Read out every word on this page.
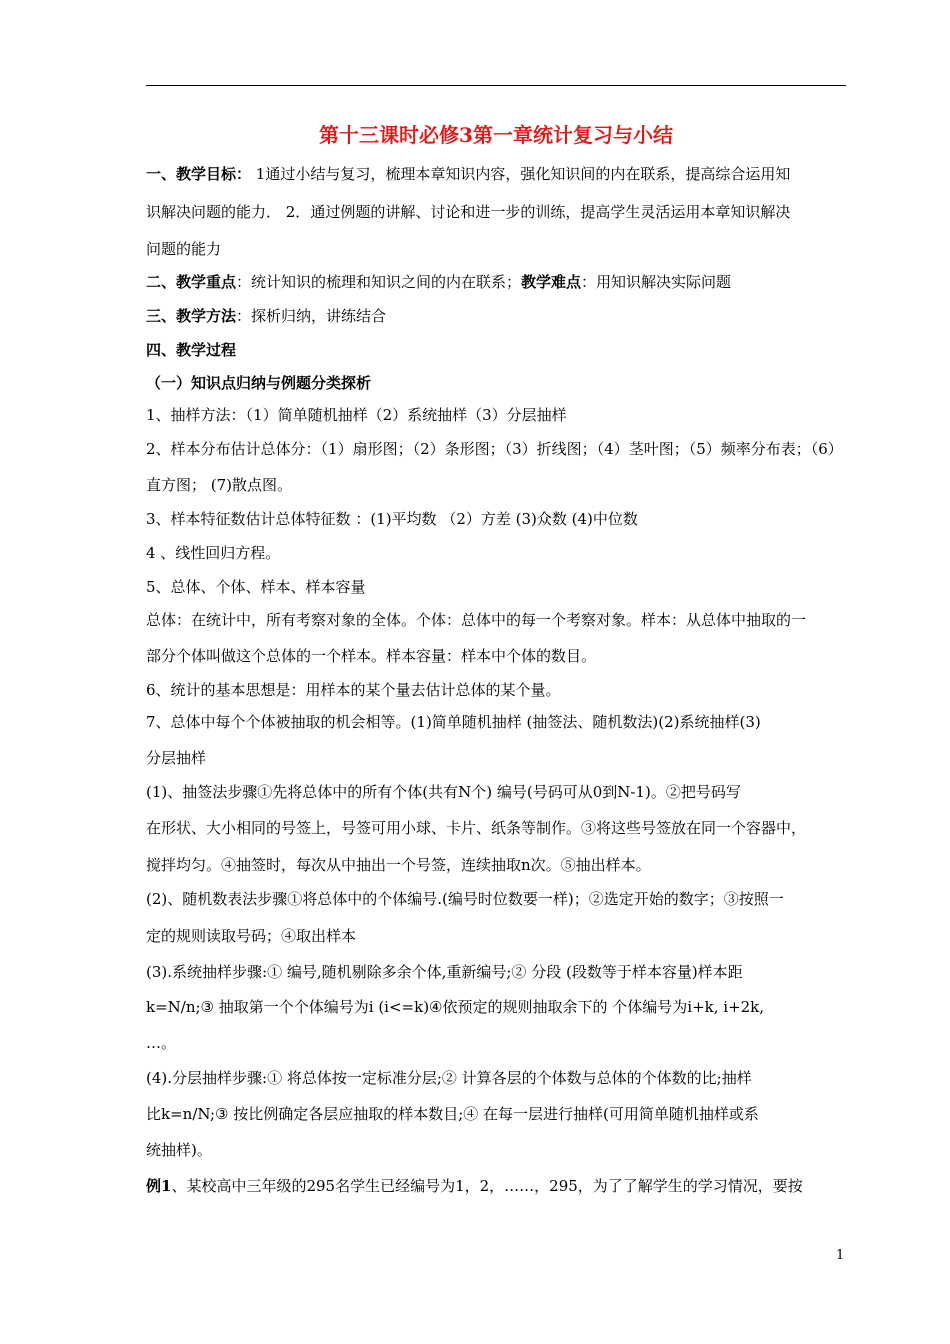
第十三课时必修3第一章统计复习与小结
一、教学目标： 1通过小结与复习，梳理本章知识内容，强化知识间的内在联系，提高综合运用知
识解决问题的能力． 2．通过例题的讲解、讨论和进一步的训练，提高学生灵活运用本章知识解决
问题的能力
二、教学重点：统计知识的梳理和知识之间的内在联系；教学难点：用知识解决实际问题
三、教学方法：探析归纳，讲练结合
四、教学过程
（一）知识点归纳与例题分类探析
1、抽样方法：（1）简单随机抽样（2）系统抽样（3）分层抽样
2、样本分布估计总体分：（1）扇形图；（2）条形图；（3）折线图；（4）茎叶图；（5）频率分布表；（6）
直方图； (7)散点图。
3、样本特征数估计总体特征数 ：(1)平均数 （2）方差 (3)众数 (4)中位数
4 、线性回归方程。
5、总体、个体、样本、样本容量
总体：在统计中，所有考察对象的全体。个体：总体中的每一个考察对象。样本：从总体中抽取的一
部分个体叫做这个总体的一个样本。样本容量：样本中个体的数目。
6、统计的基本思想是：用样本的某个量去估计总体的某个量。
7、总体中每个个体被抽取的机会相等。(1)简单随机抽样 (抽签法、随机数法)(2)系统抽样(3)
分层抽样
(1)、抽签法步骤①先将总体中的所有个体(共有N个) 编号(号码可从0到N-1)。②把号码写
在形状、大小相同的号签上，号签可用小球、卡片、纸条等制作。③将这些号签放在同一个容器中，
搅拌均匀。④抽签时，每次从中抽出一个号签，连续抽取n次。⑤抽出样本。
(2)、随机数表法步骤①将总体中的个体编号.(编号时位数要一样)；②选定开始的数字；③按照一
定的规则读取号码；④取出样本
(3).系统抽样步骤:① 编号,随机剔除多余个体,重新编号;② 分段 (段数等于样本容量)样本距
k=N/n;③ 抽取第一个个体编号为i (i<=k)④依预定的规则抽取余下的 个体编号为i+k, i+2k,
…。
(4).分层抽样步骤:① 将总体按一定标准分层;② 计算各层的个体数与总体的个体数的比;抽样
比k=n/N;③ 按比例确定各层应抽取的样本数目;④ 在每一层进行抽样(可用简单随机抽样或系
统抽样)。
例1、某校高中三年级的295名学生已经编号为1，2，……，295，为了了解学生的学习情况，要按
1
